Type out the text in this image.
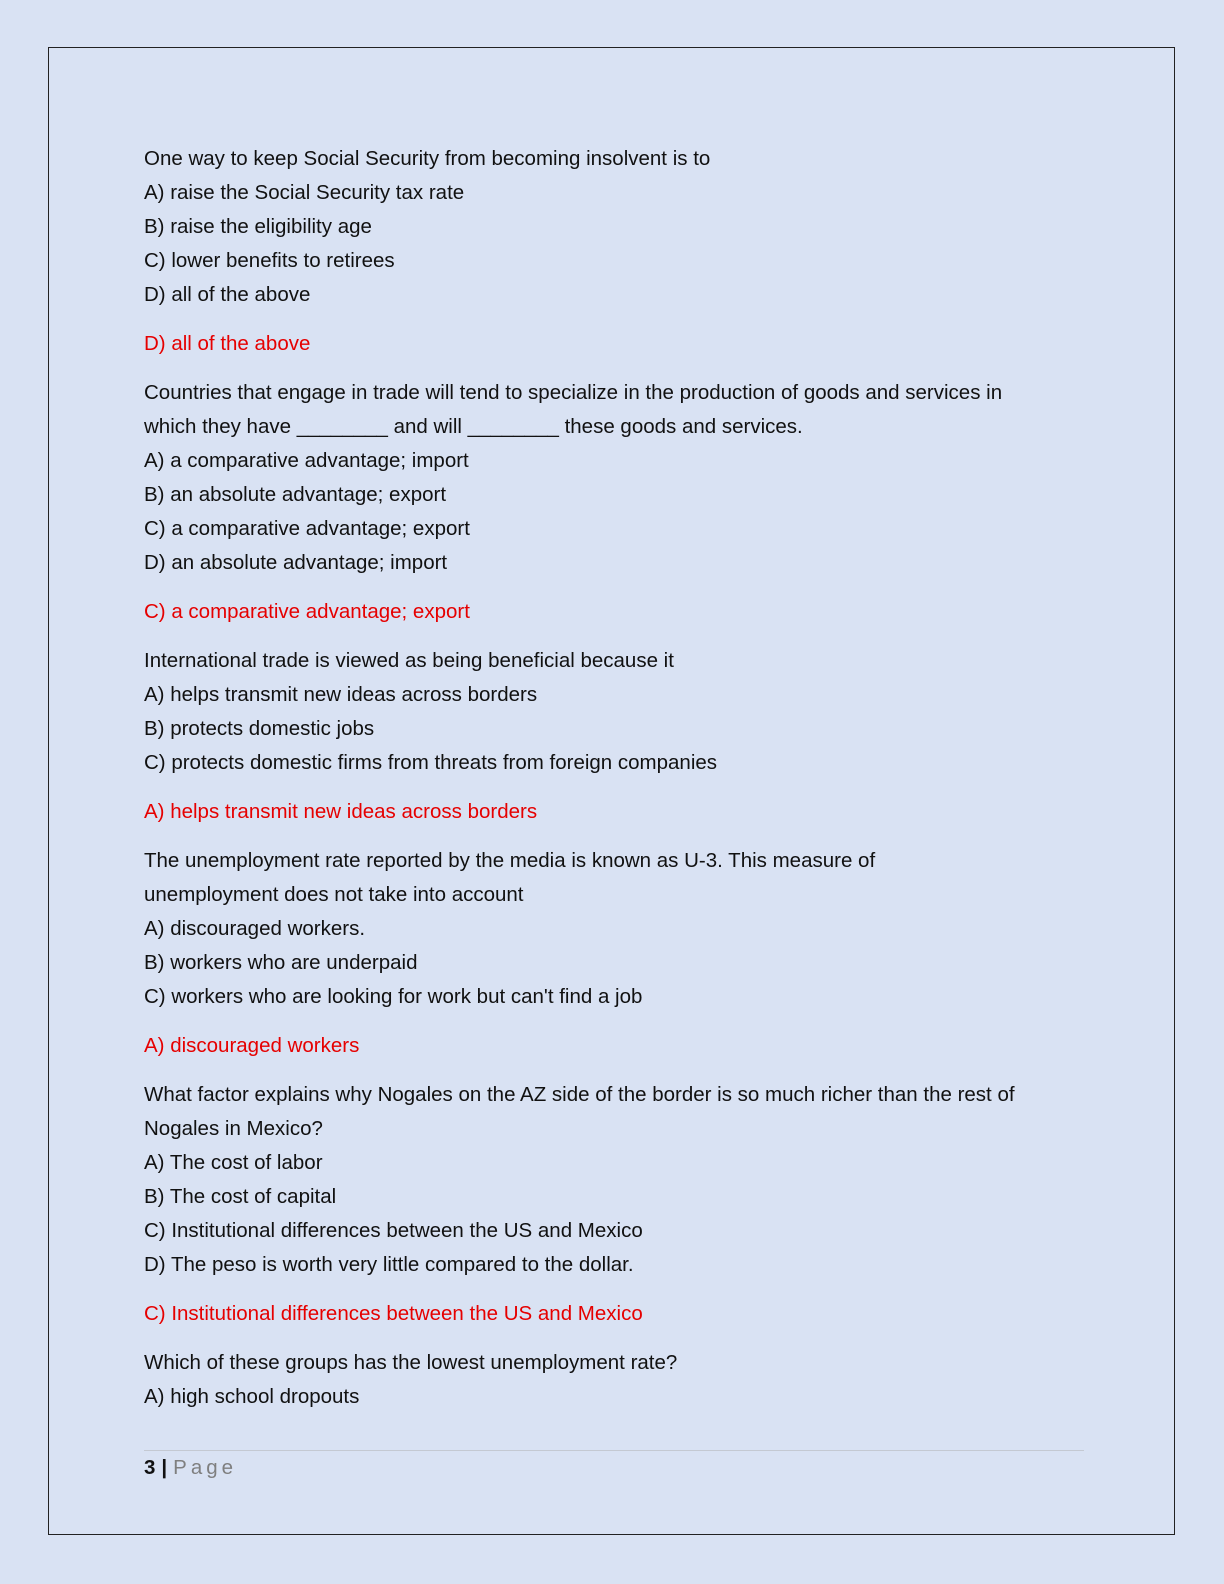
One way to keep Social Security from becoming insolvent is to
A) raise the Social Security tax rate
B) raise the eligibility age
C) lower benefits to retirees
D) all of the above
D) all of the above
Countries that engage in trade will tend to specialize in the production of goods and services in
which they have ________ and will ________ these goods and services.
A) a comparative advantage; import
B) an absolute advantage; export
C) a comparative advantage; export
D) an absolute advantage; import
C) a comparative advantage; export
International trade is viewed as being beneficial because it
A) helps transmit new ideas across borders
B) protects domestic jobs
C) protects domestic firms from threats from foreign companies
A) helps transmit new ideas across borders
The unemployment rate reported by the media is known as U-3. This measure of
unemployment does not take into account
A) discouraged workers.
B) workers who are underpaid
C) workers who are looking for work but can't find a job
A) discouraged workers
What factor explains why Nogales on the AZ side of the border is so much richer than the rest of
Nogales in Mexico?
A) The cost of labor
B) The cost of capital
C) Institutional differences between the US and Mexico
D) The peso is worth very little compared to the dollar.
C) Institutional differences between the US and Mexico
Which of these groups has the lowest unemployment rate?
A) high school dropouts
3 | Page
